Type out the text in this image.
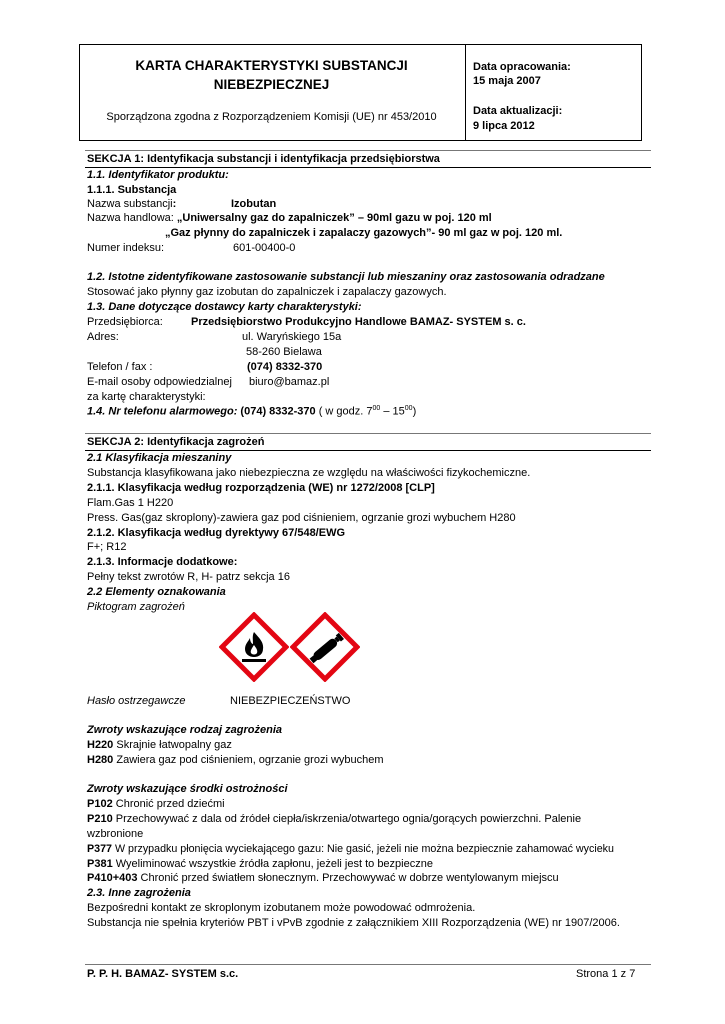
KARTA CHARAKTERYSTYKI SUBSTANCJI
NIEBEZPIECZNEJ
Sporządzona zgodna z Rozporządzeniem Komisji (UE) nr 453/2010
Data opracowania:
15 maja 2007
Data aktualizacji:
9 lipca 2012
SEKCJA 1: Identyfikacja substancji i identyfikacja przedsiębiorstwa
1.1. Identyfikator produktu:
1.1.1. Substancja
Nazwa substancji:	Izobutan
Nazwa handlowa: „Uniwersalny gaz do zapalniczek” – 90ml gazu w poj. 120 ml
„Gaz płynny do zapalniczek i zapalaczy gazowych”- 90 ml gaz w poj. 120 ml.
Numer indeksu:	601-00400-0
1.2. Istotne zidentyfikowane zastosowanie substancji lub mieszaniny oraz zastosowania odradzane
Stosować jako płynny gaz izobutan do zapalniczek i zapalaczy gazowych.
1.3. Dane dotyczące dostawcy karty charakterystyki:
Przedsiębiorca:	Przedsiębiorstwo Produkcyjno Handlowe BAMAZ- SYSTEM s. c.
Adres:	ul. Waryńskiego 15a
58-260 Bielawa
Telefon / fax :	(074) 8332-370
E-mail osoby odpowiedzialnej biuro@bamaz.pl
za kartę charakterystyki:
1.4. Nr telefonu alarmowego: (074) 8332-370 ( w godz. $7^{00} - 15^{00}$)
SEKCJA 2: Identyfikacja zagrożeń
2.1 Klasyfikacja mieszaniny
Substancja klasyfikowana jako niebezpieczna ze względu na właściwości fizykochemiczne.
2.1.1. Klasyfikacja według rozporządzenia (WE) nr 1272/2008 [CLP]
Flam.Gas 1 H220
Press. Gas(gaz skroplony)-zawiera gaz pod ciśnieniem, ogrzanie grozi wybuchem H280
2.1.2. Klasyfikacja według dyrektywy 67/548/EWG
F+; R12
2.1.3. Informacje dodatkowe:
Pełny tekst zwrotów R, H- patrz sekcja 16
2.2 Elementy oznakowania
Piktogram zagrożeń
Hasło ostrzegawcze	NIEBEZPIECZEŃSTWO
Zwroty wskazujące rodzaj zagrożenia
H220 Skrajnie łatwopalny gaz
H280 Zawiera gaz pod ciśnieniem, ogrzanie grozi wybuchem
Zwroty wskazujące środki ostrożności
P102 Chronić przed dziećmi
P210 Przechowywać z dala od źródeł ciepła/iskrzenia/otwartego ognia/gorących powierzchni. Palenie
wzbronione
P377 W przypadku płonięcia wyciekającego gazu: Nie gasić, jeżeli nie można bezpiecznie zahamować wycieku
P381 Wyeliminować wszystkie źródła zapłonu, jeżeli jest to bezpieczne
P410+403 Chronić przed światłem słonecznym. Przechowywać w dobrze wentylowanym miejscu
2.3. Inne zagrożenia
Bezpośredni kontakt ze skroplonym izobutanem może powodować odmrożenia.
Substancja nie spełnia kryteriów PBT i vPvB zgodnie z załącznikiem XIII Rozporządzenia (WE) nr 1907/2006.
P. P. H. BAMAZ- SYSTEM s.c.	Strona 1 z 7
